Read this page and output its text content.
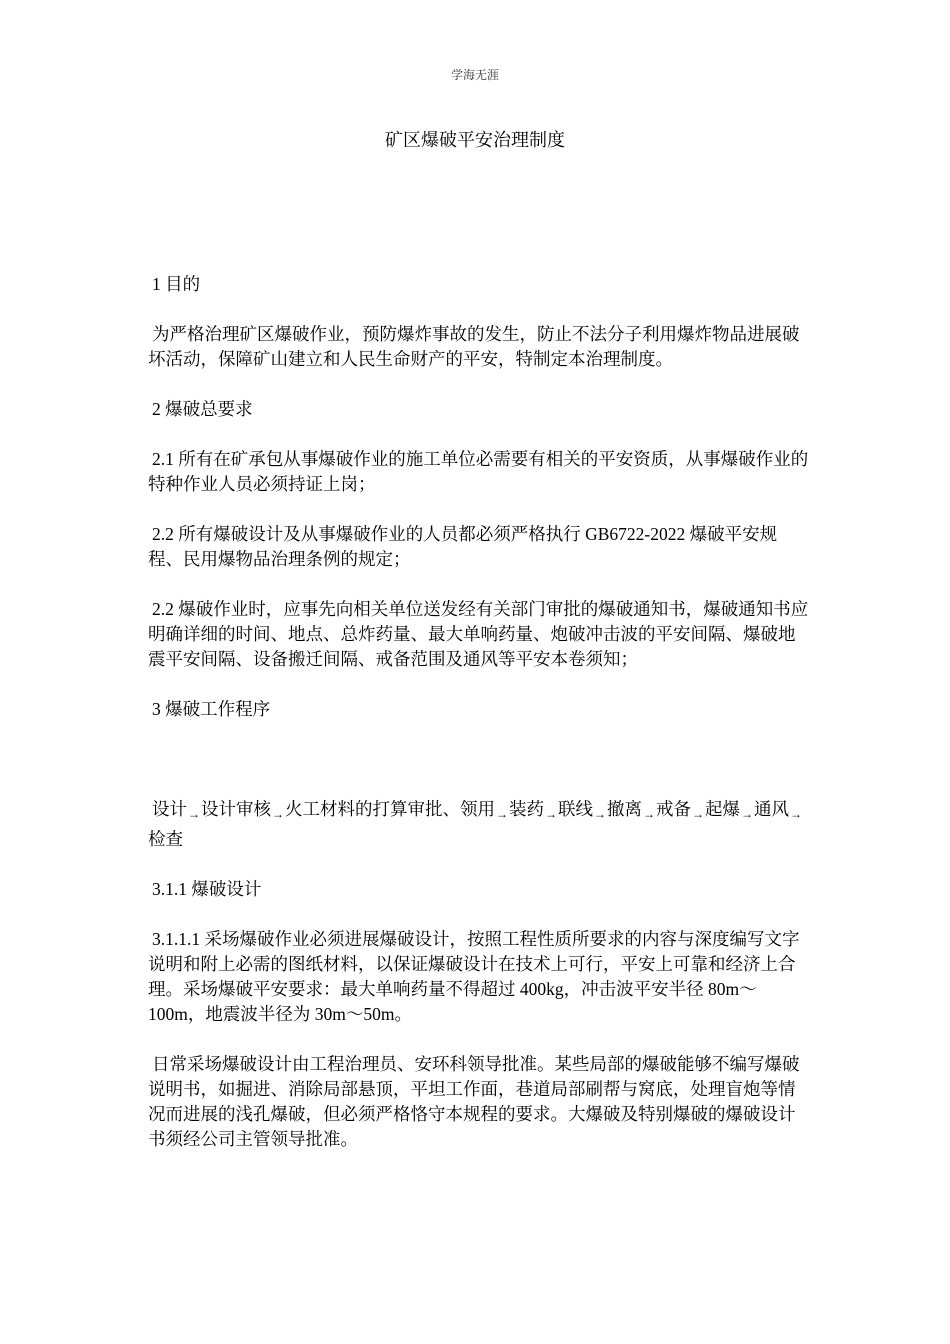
学海无涯
矿区爆破平安治理制度

1 目的

为严格治理矿区爆破作业，预防爆炸事故的发生，防止不法分子利用爆炸物品进展破坏活动，保障矿山建立和人民生命财产的平安，特制定本治理制度。

2 爆破总要求

2.1 所有在矿承包从事爆破作业的施工单位必需要有相关的平安资质，从事爆破作业的特种作业人员必须持证上岗；

2.2 所有爆破设计及从事爆破作业的人员都必须严格执行 GB6722-2022 爆破平安规程、民用爆物品治理条例的规定；

2.2 爆破作业时，应事先向相关单位送发经有关部门审批的爆破通知书，爆破通知书应明确详细的时间、地点、总炸药量、最大单响药量、炮破冲击波的平安间隔、爆破地震平安间隔、设备搬迁间隔、戒备范围及通风等平安本卷须知；

3 爆破工作程序

设计→设计审核→火工材料的打算审批、领用→装药→联线→撤离→戒备→起爆→通风→检查

3.1.1 爆破设计

3.1.1.1 采场爆破作业必须进展爆破设计，按照工程性质所要求的内容与深度编写文字说明和附上必需的图纸材料，以保证爆破设计在技术上可行，平安上可靠和经济上合理。采场爆破平安要求：最大单响药量不得超过 400kg，冲击波平安半径 80m～100m，地震波半径为 30m～50m。

日常采场爆破设计由工程治理员、安环科领导批准。某些局部的爆破能够不编写爆破说明书，如掘进、消除局部悬顶，平坦工作面，巷道局部刷帮与窝底，处理盲炮等情况而进展的浅孔爆破，但必须严格恪守本规程的要求。大爆破及特别爆破的爆破设计书须经公司主管领导批准。
